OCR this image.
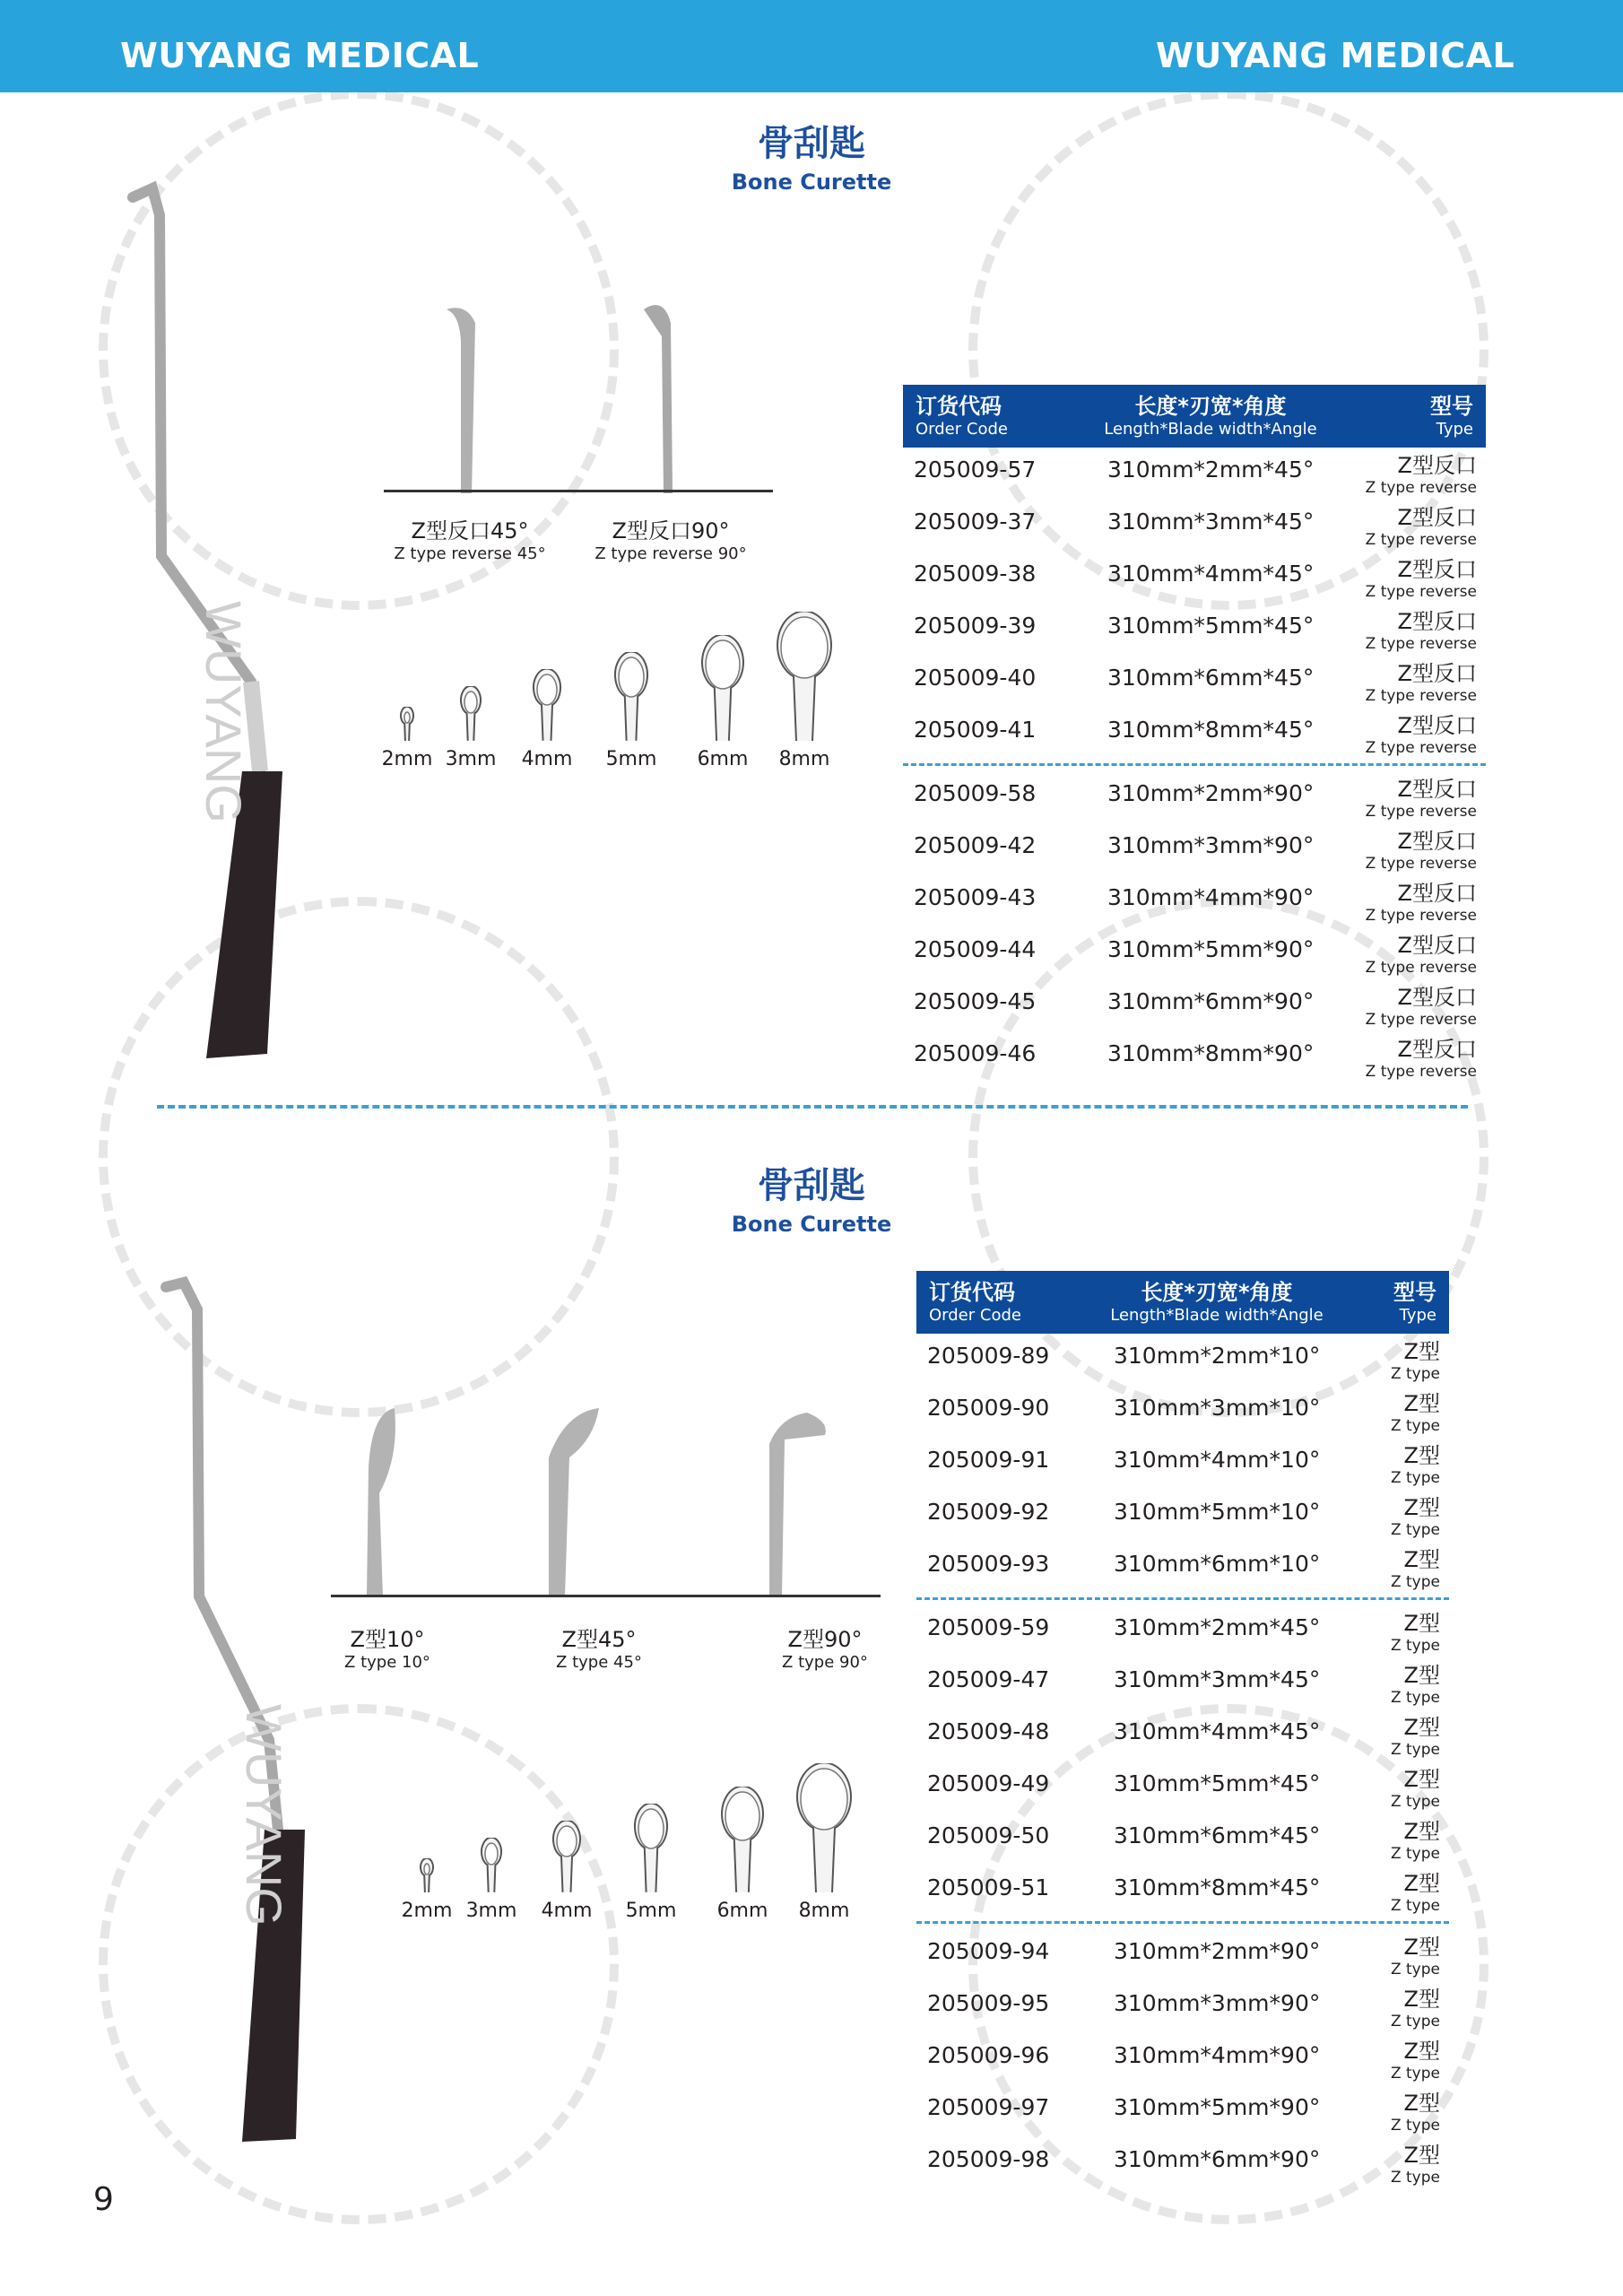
WUYANG MEDICAL	WUYANG MEDICAL
骨刮匙
Bone Curette
WUYANG
Z型反口45°
Z type reverse 45°
Z型反口90°
Z type reverse 90°
2mm 3mm	4mm	5mm	6mm	8mm
订货代码
Order Code
长度*刃宽*角度
Length*Blade width*Angle
型号
Type
205009-57	310mm*2mm*45°	Z型反口
Z type reverse
205009-37	310mm*3mm*45°	Z型反口
Z type reverse
205009-38	310mm*4mm*45°	Z型反口
Z type reverse
205009-39	310mm*5mm*45°	Z型反口
Z type reverse
205009-40	310mm*6mm*45°	Z型反口
Z type reverse
205009-41	310mm*8mm*45°	Z型反口
Z type reverse
205009-58	310mm*2mm*90°	Z型反口
Z type reverse
205009-42	310mm*3mm*90°	Z型反口
Z type reverse
205009-43	310mm*4mm*90°	Z型反口
Z type reverse
205009-44	310mm*5mm*90°	Z型反口
Z type reverse
205009-45	310mm*6mm*90°	Z型反口
Z type reverse
205009-46	310mm*8mm*90°	Z型反口
Z type reverse
骨刮匙
Bone Curette
WUYANG
Z型10°
Z type 10°
Z型45°
Z type 45°
Z型90°
Z type 90°
2mm 3mm	4mm	5mm	6mm	8mm
订货代码
Order Code
长度*刃宽*角度
Length*Blade width*Angle
型号
Type
205009-89	310mm*2mm*10°	Z型
Z type
205009-90	310mm*3mm*10°	Z型
Z type
205009-91	310mm*4mm*10°	Z型
Z type
205009-92	310mm*5mm*10°	Z型
Z type
205009-93	310mm*6mm*10°	Z型
Z type
205009-59	310mm*2mm*45°	Z型
Z type
205009-47	310mm*3mm*45°	Z型
Z type
205009-48	310mm*4mm*45°	Z型
Z type
205009-49	310mm*5mm*45°	Z型
Z type
205009-50	310mm*6mm*45°	Z型
Z type
205009-51	310mm*8mm*45°	Z型
Z type
205009-94	310mm*2mm*90°	Z型
Z type
205009-95	310mm*3mm*90°	Z型
Z type
205009-96	310mm*4mm*90°	Z型
Z type
205009-97	310mm*5mm*90°	Z型
Z type
205009-98	310mm*6mm*90°	Z型
Z type
9
